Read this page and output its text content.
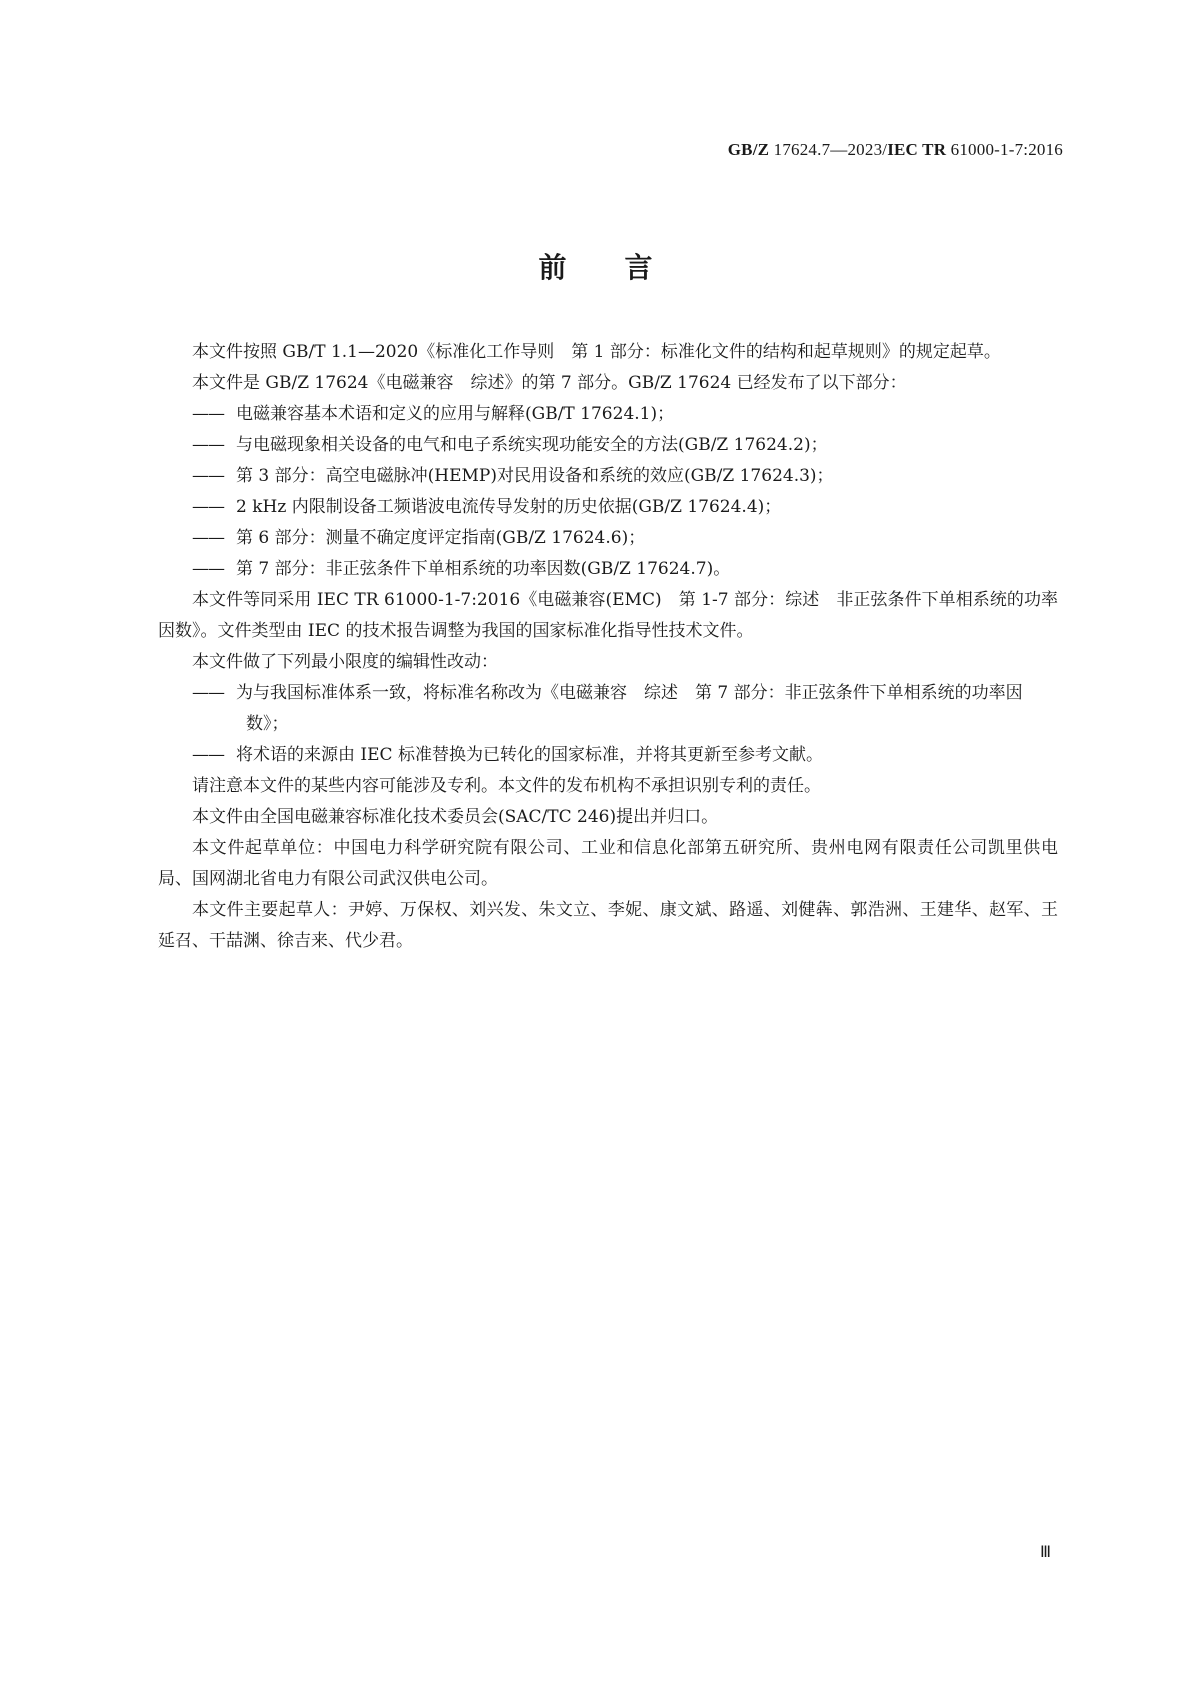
GB/Z 17624.7—2023/IEC TR 61000-1-7:2016
前言

本文件按照 GB/T 1.1—2020《标准化工作导则　第 1 部分：标准化文件的结构和起草规则》的规定起草。

本文件是 GB/Z 17624《电磁兼容　综述》的第 7 部分。GB/Z 17624 已经发布了以下部分：

—— 电磁兼容基本术语和定义的应用与解释(GB/T 17624.1)；

—— 与电磁现象相关设备的电气和电子系统实现功能安全的方法(GB/Z 17624.2)；

—— 第 3 部分：高空电磁脉冲(HEMP)对民用设备和系统的效应(GB/Z 17624.3)；

—— 2 kHz 内限制设备工频谐波电流传导发射的历史依据(GB/Z 17624.4)；

—— 第 6 部分：测量不确定度评定指南(GB/Z 17624.6)；

—— 第 7 部分：非正弦条件下单相系统的功率因数(GB/Z 17624.7)。

本文件等同采用 IEC TR 61000-1-7:2016《电磁兼容(EMC)　第 1-7 部分：综述　非正弦条件下单相系统的功率因数》。文件类型由 IEC 的技术报告调整为我国的国家标准化指导性技术文件。

本文件做了下列最小限度的编辑性改动：

—— 为与我国标准体系一致，将标准名称改为《电磁兼容　综述　第 7 部分：非正弦条件下单相系统的功率因数》；

—— 将术语的来源由 IEC 标准替换为已转化的国家标准，并将其更新至参考文献。

请注意本文件的某些内容可能涉及专利。本文件的发布机构不承担识别专利的责任。

本文件由全国电磁兼容标准化技术委员会(SAC/TC 246)提出并归口。

本文件起草单位：中国电力科学研究院有限公司、工业和信息化部第五研究所、贵州电网有限责任公司凯里供电局、国网湖北省电力有限公司武汉供电公司。

本文件主要起草人：尹婷、万保权、刘兴发、朱文立、李妮、康文斌、路遥、刘健犇、郭浩洲、王建华、赵军、王延召、干喆渊、徐吉来、代少君。

Ⅲ
